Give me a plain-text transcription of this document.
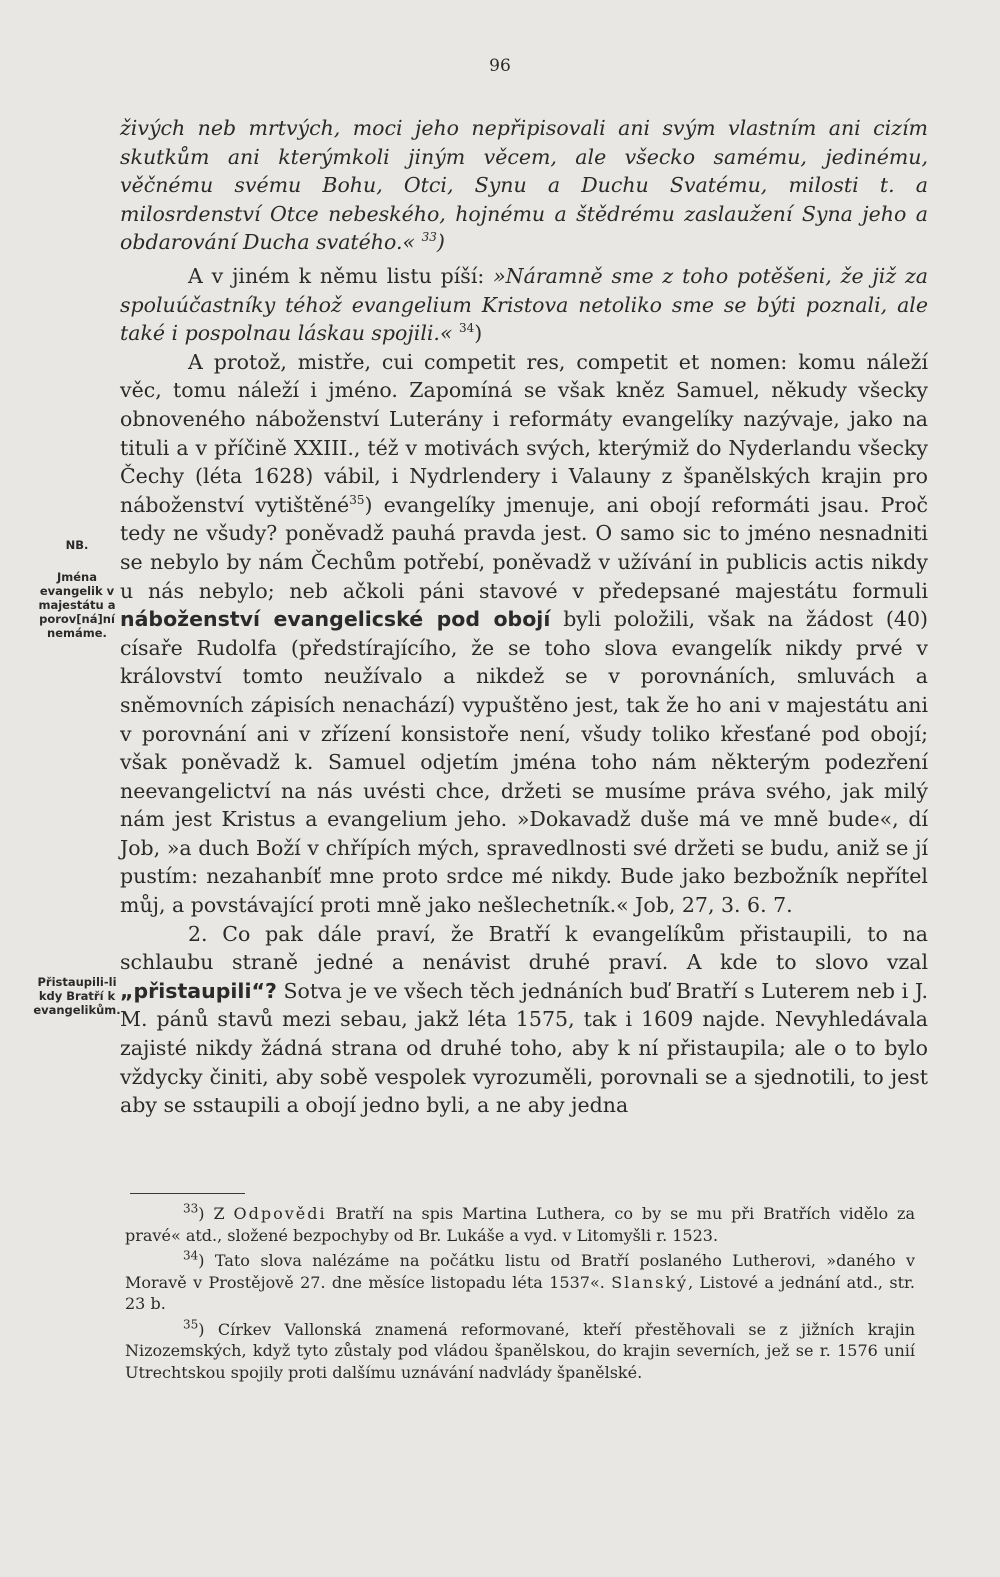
96

živých neb mrtvých, moci jeho nepřipisovali ani svým vlastním ani cizím skutkům ani kterýmkoli jiným věcem, ale všecko samému, jedinému, věčnému svému Bohu, Otci, Synu a Duchu Svatému, milosti t. a milosrdenství Otce nebeského, hojnému a štědrému zaslaužení Syna jeho a obdarování Ducha svatého.« $^{33}$)

A v jiném k němu listu píší: »Náramně sme z toho potěšeni, že již za spoluúčastníky téhož evangelium Kristova netoliko sme se býti poznali, ale také i pospolnau láskau spojili.« $^{34}$)

A protož, mistře, cui competit res, competit et nomen: komu náleží věc, tomu náleží i jméno. Zapomíná se však kněz Samuel, někudy všecky obnoveného náboženství Luterány i reformáty evangelíky nazývaje, jako na tituli a v příčině XXIII., též v motivách svých, kterýmiž do Nyderlandu všecky Čechy (léta 1628) vábil, i Nydrlendery i Valauny z španělských krajin pro náboženství vytištěné$^{35}$) evangelíky jmenuje, ani obojí reformáti jsau. Proč tedy ne všudy? poněvadž pauhá pravda jest. O samo sic to jméno nesnadniti se nebylo by nám Čechům potřebí, poněvadž v užívání in publicis actis nikdy u nás nebylo; neb ačkoli páni stavové v předepsané majestátu formuli náboženství evangelicské pod obojí byli položili, však na žádost (40) císaře Rudolfa (předstírajícího, že se toho slova evangelík nikdy prvé v království tomto neužívalo a nikdež se v porovnáních, smluvách a sněmovních zápisích nenachází) vypuštěno jest, tak že ho ani v majestátu ani v porovnání ani v zřízení konsistoře není, všudy toliko křesťané pod obojí; však poněvadž k. Samuel odjetím jména toho nám některým podezření neevangelictví na nás uvésti chce, držeti se musíme práva svého, jak milý nám jest Kristus a evangelium jeho. »Dokavadž duše má ve mně bude«, dí Job, »a duch Boží v chřípích mých, spravedlnosti své držeti se budu, aniž se jí pustím: nezahanbíť mne proto srdce mé nikdy. Bude jako bezbožník nepřítel můj, a povstávající proti mně jako nešlechetník.« Job, 27, 3. 6. 7.

2. Co pak dále praví, že Bratří k evangelíkům přistaupili, to na schlaubu straně jedné a nenávist druhé praví. A kde to slovo vzal „přistaupili“? Sotva je ve všech těch jednáních buď Bratří s Luterem neb i J. M. pánů stavů mezi sebau, jakž léta 1575, tak i 1609 najde. Nevyhledávala zajisté nikdy žádná strana od druhé toho, aby k ní přistaupila; ale o to bylo vždycky činiti, aby sobě vespolek vyrozuměli, porovnali se a sjednotili, to jest aby se sstaupili a obojí jedno byli, a ne aby jedna

NB.
Jména evangelik v majestátu a porov[ná]ní nemáme.
Přistaupili-li kdy Bratří k evangelikům.

$^{33}$) Z Odpovědi Bratří na spis Martina Luthera, co by se mu při Bratřích vidělo za pravé« atd., složené bezpochyby od Br. Lukáše a vyd. v Litomyšli r. 1523.

$^{34}$) Tato slova nalézáme na počátku listu od Bratří poslaného Lutherovi, »daného v Moravě v Prostějově 27. dne měsíce listopadu léta 1537«. Slanský, Listové a jednání atd., str. 23 b.

$^{35}$) Církev Vallonská znamená reformované, kteří přestěhovali se z jižních krajin Nizozemských, když tyto zůstaly pod vládou španělskou, do krajin severních, jež se r. 1576 unií Utrechtskou spojily proti dalšímu uznávání nadvlády španělské.
